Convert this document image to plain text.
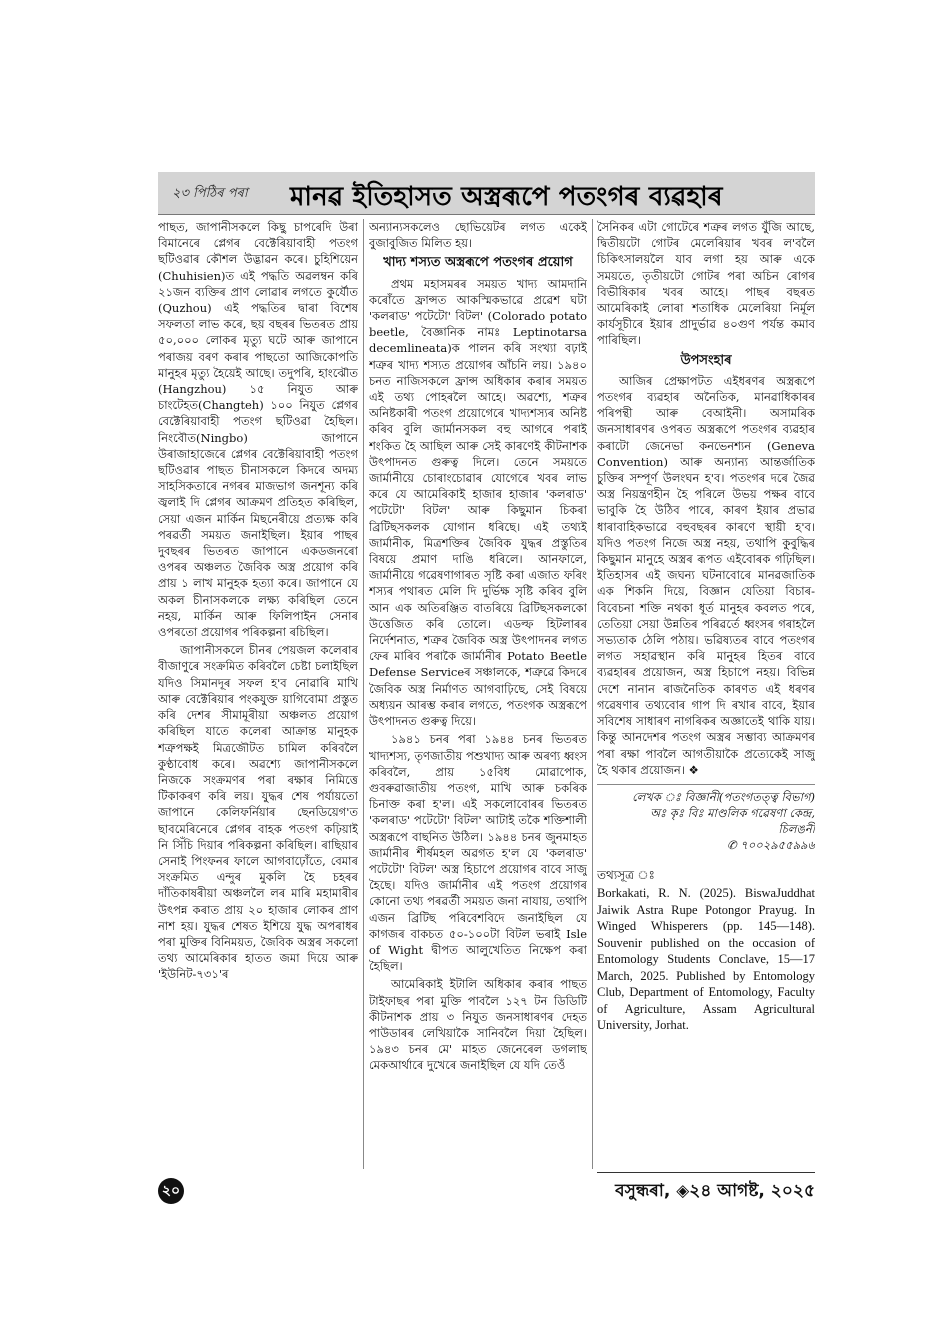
২৩ পিঠিৰ পৰা মানৱ ইতিহাসত অস্ত্ৰৰূপে পতংগৰ ব্যৱহাৰ

পাছত, জাপানীসকলে কিছু চাপৰেদি উৰা বিমানেৰে প্লেগৰ বেক্টেৰিয়াবাহী পতংগ ছটিওৱাৰ কৌশল উদ্ভাৱন কৰে। চুহিশিয়েন (Chuhisien)ত এই পদ্ধতি অৱলম্বন কৰি ২১জন ব্যক্তিৰ প্ৰাণ লোৱাৰ লগতে কুৰ্যৌত (Quzhou) এই পদ্ধতিৰ দ্বাৰা বিশেষ সফলতা লাভ কৰে, ছয় বছৰৰ ভিতৰত প্ৰায় ৫০,০০০ লোকৰ মৃত্যু ঘটে আৰু জাপানে পৰাজয় বৰণ কৰাৰ পাছতো আজিকোপতি মানুহৰ মৃত্যু হৈয়েই আছে। তদুপৰি, হাংঝৌত (Hangzhou) ১৫ নিযুত আৰু চাংটেহত(Changteh) ১০০ নিযুত প্লেগৰ বেক্টেৰিয়াবাহী পতংগ ছটিওৱা হৈছিল। নিংবৌত(Ningbo) জাপানে উৰাজাহাজেৰে প্লেগৰ বেক্টেৰিয়াবাহী পতংগ ছটিওৱাৰ পাছত চীনাসকলে কিদৰে অদম্য সাহসিকতাৰে নগৰৰ মাজভাগ জনশূন্য কৰি জ্বলাই দি প্লেগৰ আক্ৰমণ প্ৰতিহত কৰিছিল, সেয়া এজন মাৰ্কিন মিছনেৰীয়ে প্ৰত্যক্ষ কৰি পৰৱৰ্তী সময়ত জনাইছিল। ইয়াৰ পাছৰ দুবছৰৰ ভিতৰত জাপানে একডজনৰো ওপৰৰ অঞ্চলত জৈবিক অস্ত্ৰ প্ৰয়োগ কৰি প্ৰায় ১ লাখ মানুহক হত্যা কৰে। জাপানে যে অকল চীনাসকলকে লক্ষ্য কৰিছিল তেনে নহয়, মাৰ্কিন আৰু ফিলিপাইন সেনাৰ ওপৰতো প্ৰয়োগৰ পৰিকল্পনা ৰচিছিল।

জাপানীসকলে চীনৰ পেয়জল কলেৰাৰ বীজাণুৰে সংক্ৰমিত কৰিবলৈ চেষ্টা চলাইছিল যদিও সিমানদূৰ সফল হ'ব নোৱাৰি মাখি আৰু বেক্টেৰিয়াৰ পংকযুক্ত য়াগিবোমা প্ৰস্তুত কৰি দেশৰ সীমামূৰীয়া অঞ্চলত প্ৰয়োগ কৰিছিল যাতে কলেৰা আক্ৰান্ত মানুহক শত্ৰুপক্ষই মিত্ৰজৌটত চামিল কৰিবলৈ কুণ্ঠাবোধ কৰে। অৱশ্যে জাপানীসকলে নিজকে সংক্ৰমণৰ পৰা ৰক্ষাৰ নিমিত্তে টিকাকৰণ কৰি লয়। যুদ্ধৰ শেষ পৰ্যায়তো জাপানে কেলিফৰ্নিয়াৰ ছেনডিয়েগ'ত ছাবমেৰিনেৰে প্লেগৰ বাহক পতংগ কঢ়িয়াই নি সিঁচি দিয়াৰ পৰিকল্পনা কৰিছিল। ৰাছিয়াৰ সেনাই পিংফনৰ ফালে আগবাঢ়োঁতে, বেমাৰ সংক্ৰমিত এন্দুৰ মুকলি হৈ চহৰৰ দাঁতিকাষৰীয়া অঞ্চললৈ লৰ মাৰি মহামাৰীৰ উৎপন্ন কৰাত প্ৰায় ২০ হাজাৰ লোকৰ প্ৰাণ নাশ হয়। যুদ্ধৰ শেষত ইশিয়ে যুদ্ধ অপৰাধৰ পৰা মুক্তিৰ বিনিময়ত, জৈবিক অস্ত্ৰৰ সকলো তথ্য আমেৰিকাৰ হাতত জমা দিয়ে আৰু 'ইউনিট-৭৩১'ৰ

অন্যান্যসকলেও ছোভিয়েটৰ লগত একেই বুজাবুজিত মিলিত হয়।

খাদ্য শস্যত অস্ত্ৰৰূপে পতংগৰ প্ৰয়োগ

প্ৰথম মহাসমৰৰ সময়ত খাদ্য আমদানি কৰোঁতে ফ্ৰান্সত আকস্মিকভাৱে প্ৰৱেশ ঘটা 'কলৰাড' পটেটো' বিটল' (Colorado potato beetle, বৈজ্ঞানিক নামঃ Leptinotarsa decemlineata)ক পালন কৰি সংখ্যা বঢ়াই শত্ৰুৰ খাদ্য শস্যত প্ৰয়োগৰ আঁচনি লয়। ১৯৪০ চনত নাজিসকলে ফ্ৰান্স অধিকাৰ কৰাৰ সময়ত এই তথ্য পোহৰলৈ আহে। অৱশ্যে, শত্ৰুৰ অনিষ্টকাৰী পতংগ প্ৰয়োগেৰে খাদ্যশস্যৰ অনিষ্ট কৰিব বুলি জাৰ্মানসকল বহু আগৰে পৰাই শংকিত হৈ আছিল আৰু সেই কাৰণেই কীটনাশক উৎপাদনত গুৰুত্ব দিলে। তেনে সময়তে জাৰ্মানীয়ে চোৰাংচোৱাৰ যোগেৰে খবৰ লাভ কৰে যে আমেৰিকাই হাজাৰ হাজাৰ 'কলৰাড' পটেটো' বিটল' আৰু কিছুমান চিকৰা ব্ৰিটিছসকলক যোগান ধৰিছে। এই তথ্যই জাৰ্মানীক, মিত্ৰশক্তিৰ জৈবিক যুদ্ধৰ প্ৰস্তুতিৰ বিষয়ে প্ৰমাণ দাঙি ধৰিলে। আনফালে, জাৰ্মানীয়ে গৱেষণাগাৰত সৃষ্টি কৰা এজাত ফৰিং শস্যৰ পথাৰত মেলি দি দুৰ্ভিক্ষ সৃষ্টি কৰিব বুলি আন এক অতিৰঞ্জিত বাতৰিয়ে ব্ৰিটিছসকলকো উত্তেজিত কৰি তোলে। এডল্ফ হিটলাৰৰ নিৰ্দেশনাত, শত্ৰুৰ জৈবিক অস্ত্ৰ উৎপাদনৰ লগত ফেৰ মাৰিব পৰাকৈ জাৰ্মানীৰ Potato Beetle Defense Serviceৰ সঞ্চালকে, শত্ৰুৱে কিদৰে জৈবিক অস্ত্ৰ নিৰ্মাণত আগবাঢ়িছে, সেই বিষয়ে অধ্যয়ন আৰম্ভ কৰাৰ লগতে, পতংগক অস্ত্ৰৰূপে উৎপাদনত গুৰুত্ব দিয়ে।

১৯৪১ চনৰ পৰা ১৯৪৪ চনৰ ভিতৰত খাদ্যশস্য, তৃণজাতীয় পশুখাদ্য আৰু অৰণ্য ধ্বংস কৰিবলৈ, প্ৰায় ১৫বিধ মোৱাপোক, গুবৰুৱাজাতীয় পতংগ, মাখি আৰু চকৰিক চিনাক্ত কৰা হ'ল। এই সকলোবোৰৰ ভিতৰত 'কলৰাড' পটেটো' বিটল' আটাই তকৈ শক্তিশালী অস্ত্ৰৰূপে বাছনিত উঠিল। ১৯৪৪ চনৰ জুনমাহত জাৰ্মানীৰ শীৰ্ষমহল অৱগত হ'ল যে 'কলৰাড' পটেটো' বিটল' অস্ত্ৰ হিচাপে প্ৰয়োগৰ বাবে সাজু হৈছে। যদিও জাৰ্মানীৰ এই পতংগ প্ৰয়োগৰ কোনো তথ্য পৰৱৰ্তী সময়ত জনা নাযায়, তথাপি এজন ব্ৰিটিছ পৰিবেশবিদে জনাইছিল যে কাগজৰ বাকচত ৫০-১০০টা বিটল ভৰাই Isle of Wight দ্বীপত আলুখেতিত নিক্ষেপ কৰা হৈছিল।

আমেৰিকাই ইটালি অধিকাৰ কৰাৰ পাছত টাইফাছৰ পৰা মুক্তি পাবলৈ ১২৭ টন ডিডিটি কীটনাশক প্ৰায় ৩ নিযুত জনসাধাৰণৰ দেহত পাউডাৰৰ লেখিয়াকৈ সানিবলৈ দিয়া হৈছিল। ১৯৪৩ চনৰ মে' মাহত জেনেৰেল ডগলাছ মেকআৰ্থাৰে দুখেৰে জনাইছিল যে যদি তেওঁ

সৈনিকৰ এটা গোটেৰে শত্ৰুৰ লগত যুঁজি আছে, দ্বিতীয়টো গোটৰ মেলেৰিয়াৰ খবৰ ল'বলৈ চিকিৎসালয়লৈ যাব লগা হয় আৰু একে সময়তে, তৃতীয়টো গোটৰ পৰা অচিন ৰোগৰ বিভীষিকাৰ খবৰ আহে। পাছৰ বছৰত আমেৰিকাই লোৰা শতাধিক মেলেৰিয়া নিৰ্মূল কাৰ্যসূচীৰে ইয়াৰ প্ৰাদুৰ্ভাৱ ৪০গুণ পৰ্যন্ত কমাব পাৰিছিল।

উপসংহাৰ

আজিৰ প্ৰেক্ষাপটত এইধৰণৰ অস্ত্ৰৰূপে পতংগৰ ব্যৱহাৰ অনৈতিক, মানৱাধিকাৰৰ পৰিপন্থী আৰু বেআইনী। অসামৰিক জনসাধাৰণৰ ওপৰত অস্ত্ৰৰূপে পতংগৰ ব্যৱহাৰ কৰাটো জেনেভা কনভেনশ্যন (Geneva Convention) আৰু অন্যান্য আন্তৰ্জাতিক চুক্তিৰ সম্পূৰ্ণ উলংঘন হ'ব। পতংগৰ দৰে জৈৱ অস্ত্ৰ নিয়ন্ত্ৰণহীন হৈ পৰিলে উভয় পক্ষৰ বাবে ভাবুকি হৈ উঠিব পাৰে, কাৰণ ইয়াৰ প্ৰভাৱ ধাৰাবাহিকভাৱে বহুবছৰৰ কাৰণে স্থায়ী হ'ব। যদিও পতংগ নিজে অস্ত্ৰ নহয়, তথাপি কুবুদ্ধিৰ কিছুমান মানুহে অস্ত্ৰৰ ৰূপত এইবোৰক গঢ়িছিল। ইতিহাসৰ এই জঘন্য ঘটনাবোৰে মানৱজাতিক এক শিকনি দিয়ে, বিজ্ঞান যেতিয়া বিচাৰ-বিবেচনা শক্তি নথকা ধূৰ্ত মানুহৰ কবলত পৰে, তেতিয়া সেয়া উন্নতিৰ পৰিৱৰ্তে ধ্বংসৰ গৰাহলৈ সভ্যতাক ঠেলি পঠায়। ভৱিষ্যতৰ বাবে পতংগৰ লগত সহাৱস্থান কৰি মানুহৰ হিতৰ বাবে ব্যৱহাৰৰ প্ৰয়োজন, অস্ত্ৰ হিচাপে নহয়। বিভিন্ন দেশে নানান ৰাজনৈতিক কাৰণত এই ধৰণৰ গৱেষণাৰ তথ্যবোৰ গাপ দি ৰখাৰ বাবে, ইয়াৰ সবিশেষ সাধাৰণ নাগৰিকৰ অজ্ঞাতেই থাকি যায়। কিন্তু আনদেশৰ পতংগ অস্ত্ৰৰ সম্ভাব্য আক্ৰমণৰ পৰা ৰক্ষা পাবলৈ আগতীয়াকৈ প্ৰত্যেকেই সাজু হৈ থকাৰ প্ৰয়োজন। ❖

লেখক ঃ বিজ্ঞানী(পতংগতত্ত্ব বিভাগ)
অঃ কৃঃ বিঃ মাণ্ডলিক গৱেষণা কেন্দ্ৰ,
চিলঙনী
✆ ৭০০২৯৫৫৯৯৬
তথ্যসূত্ৰ ঃ

Borkakati, R. N. (2025). BiswaJuddhat Jaiwik Astra Rupe Potongor Prayug. In Winged Whisperers (pp. 145—148). Souvenir published on the occasion of Entomology Students Conclave, 15—17 March, 2025. Published by Entomology Club, Department of Entomology, Faculty of Agriculture, Assam Agricultural University, Jorhat.

২০	বসুন্ধৰা, ◈২৪ আগষ্ট, ২০২৫
